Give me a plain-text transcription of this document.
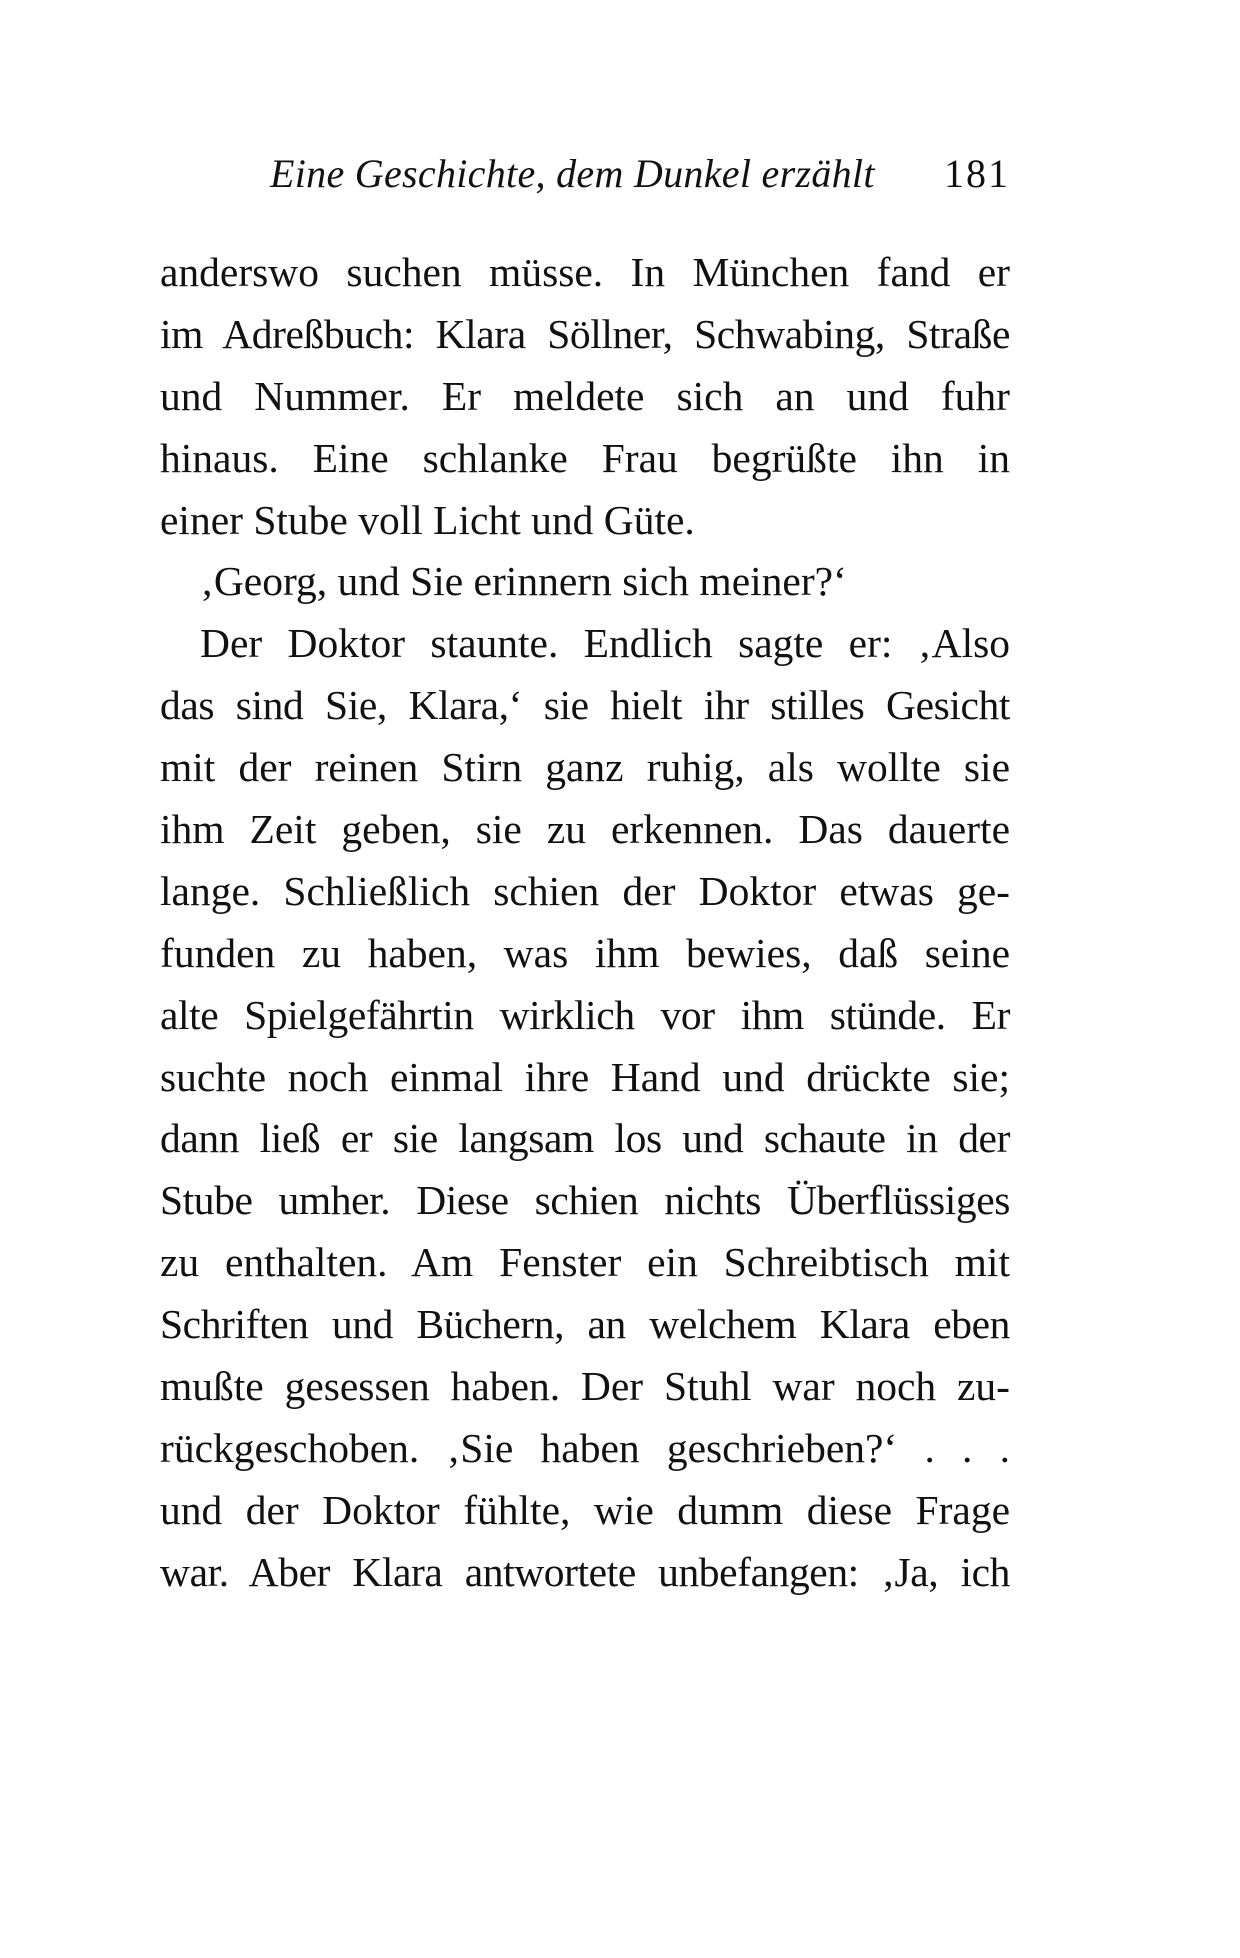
Eine Geschichte, dem Dunkel erzählt 181
anderswo suchen müsse. In München fand er
im Adreßbuch: Klara Söllner, Schwabing, Straße
und Nummer. Er meldete sich an und fuhr
hinaus. Eine schlanke Frau begrüßte ihn in
einer Stube voll Licht und Güte.
‚Georg, und Sie erinnern sich meiner?‘
Der Doktor staunte. Endlich sagte er: ‚Also
das sind Sie, Klara,‘ sie hielt ihr stilles Gesicht
mit der reinen Stirn ganz ruhig, als wollte sie
ihm Zeit geben, sie zu erkennen. Das dauerte
lange. Schließlich schien der Doktor etwas ge-
funden zu haben, was ihm bewies, daß seine
alte Spielgefährtin wirklich vor ihm stünde. Er
suchte noch einmal ihre Hand und drückte sie;
dann ließ er sie langsam los und schaute in der
Stube umher. Diese schien nichts Überflüssiges
zu enthalten. Am Fenster ein Schreibtisch mit
Schriften und Büchern, an welchem Klara eben
mußte gesessen haben. Der Stuhl war noch zu-
rückgeschoben. ‚Sie haben geschrieben?‘ . . .
und der Doktor fühlte, wie dumm diese Frage
war. Aber Klara antwortete unbefangen: ‚Ja, ich
